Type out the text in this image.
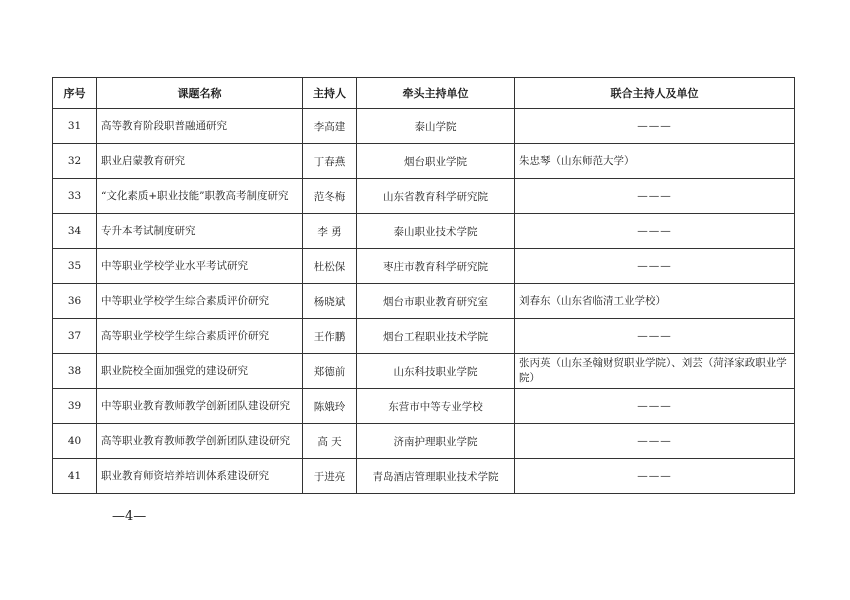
序号	课题名称	主持人	牵头主持单位	联合主持人及单位
31	高等教育阶段职普融通研究	李高建	泰山学院	———
32	职业启蒙教育研究	丁春燕	烟台职业学院	朱忠琴（山东师范大学）
33	“文化素质+职业技能”职教高考制度研究	范冬梅	山东省教育科学研究院	———
34	专升本考试制度研究	李 勇	泰山职业技术学院	———
35	中等职业学校学业水平考试研究	杜松保	枣庄市教育科学研究院	———
36	中等职业学校学生综合素质评价研究	杨晓斌	烟台市职业教育研究室	刘春东（山东省临清工业学校）
37	高等职业学校学生综合素质评价研究	王作鹏	烟台工程职业技术学院	———
38	职业院校全面加强党的建设研究	郑德前	山东科技职业学院	张丙英（山东圣翰财贸职业学院）、刘芸（菏泽家政职业学院）
39	中等职业教育教师教学创新团队建设研究	陈娥玲	东营市中等专业学校	———
40	高等职业教育教师教学创新团队建设研究	高 天	济南护理职业学院	———
41	职业教育师资培养培训体系建设研究	于进亮	青岛酒店管理职业技术学院	———
—4—
